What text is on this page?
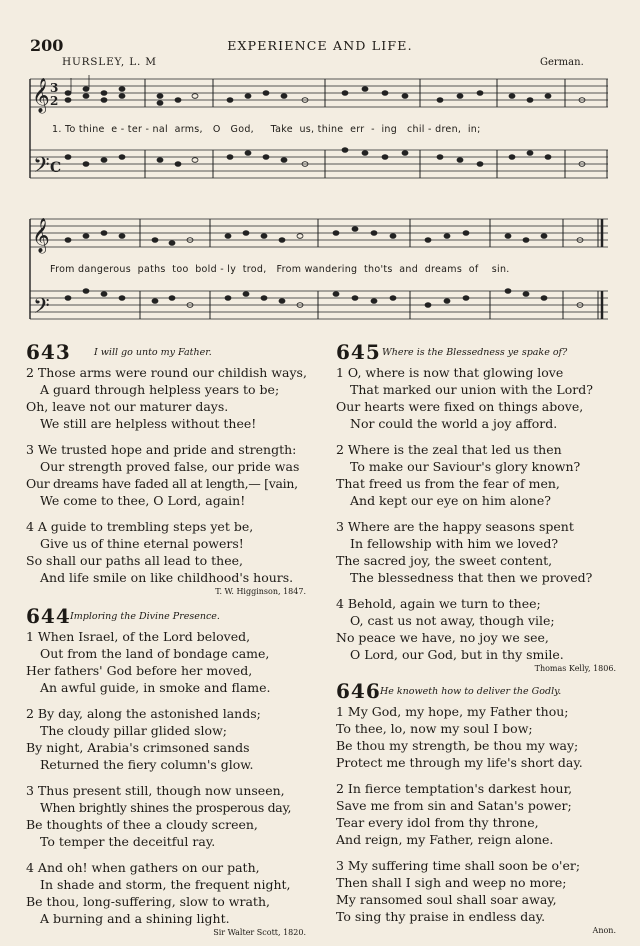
200	EXPERIENCE AND LIFE.
HURSLEY, L. M	German.
𝄞
𝄢
𝄞
𝄢
3
2
C
1. To thine  e - ter - nal  arms,   O   God,     Take  us, thine  err  -  ing   chil - dren,  in;
From dangerous  paths  too  bold - ly  trod,   From wandering  tho'ts  and  dreams  of    sin.
643 I will go unto my Father.
2 Those arms were round our childish ways,
A guard through helpless years to be;
Oh, leave not our maturer days.
We still are helpless without thee!
3 We trusted hope and pride and strength:
Our strength proved false, our pride was
Our dreams have faded all at length,— [vain,
We come to thee, O Lord, again!
4 A guide to trembling steps yet be,
Give us of thine eternal powers!
So shall our paths all lead to thee,
And life smile on like childhood's hours.
T. W. Higginson, 1847.
644 Imploring the Divine Presence.
1 When Israel, of the Lord beloved,
Out from the land of bondage came,
Her fathers' God before her moved,
An awful guide, in smoke and flame.
2 By day, along the astonished lands;
The cloudy pillar glided slow;
By night, Arabia's crimsoned sands
Returned the fiery column's glow.
3 Thus present still, though now unseen,
When brightly shines the prosperous day,
Be thoughts of thee a cloudy screen,
To temper the deceitful ray.
4 And oh! when gathers on our path,
In shade and storm, the frequent night,
Be thou, long-suffering, slow to wrath,
A burning and a shining light.
Sir Walter Scott, 1820.
645 Where is the Blessedness ye spake of?
1 O, where is now that glowing love
That marked our union with the Lord?
Our hearts were fixed on things above,
Nor could the world a joy afford.
2 Where is the zeal that led us then
To make our Saviour's glory known?
That freed us from the fear of men,
And kept our eye on him alone?
3 Where are the happy seasons spent
In fellowship with him we loved?
The sacred joy, the sweet content,
The blessedness that then we proved?
4 Behold, again we turn to thee;
O, cast us not away, though vile;
No peace we have, no joy we see,
O Lord, our God, but in thy smile.
Thomas Kelly, 1806.
646 He knoweth how to deliver the Godly.
1 My God, my hope, my Father thou;
To thee, lo, now my soul I bow;
Be thou my strength, be thou my way;
Protect me through my life's short day.
2 In fierce temptation's darkest hour,
Save me from sin and Satan's power;
Tear every idol from thy throne,
And reign, my Father, reign alone.
3 My suffering time shall soon be o'er;
Then shall I sigh and weep no more;
My ransomed soul shall soar away,
To sing thy praise in endless day.
Anon.
